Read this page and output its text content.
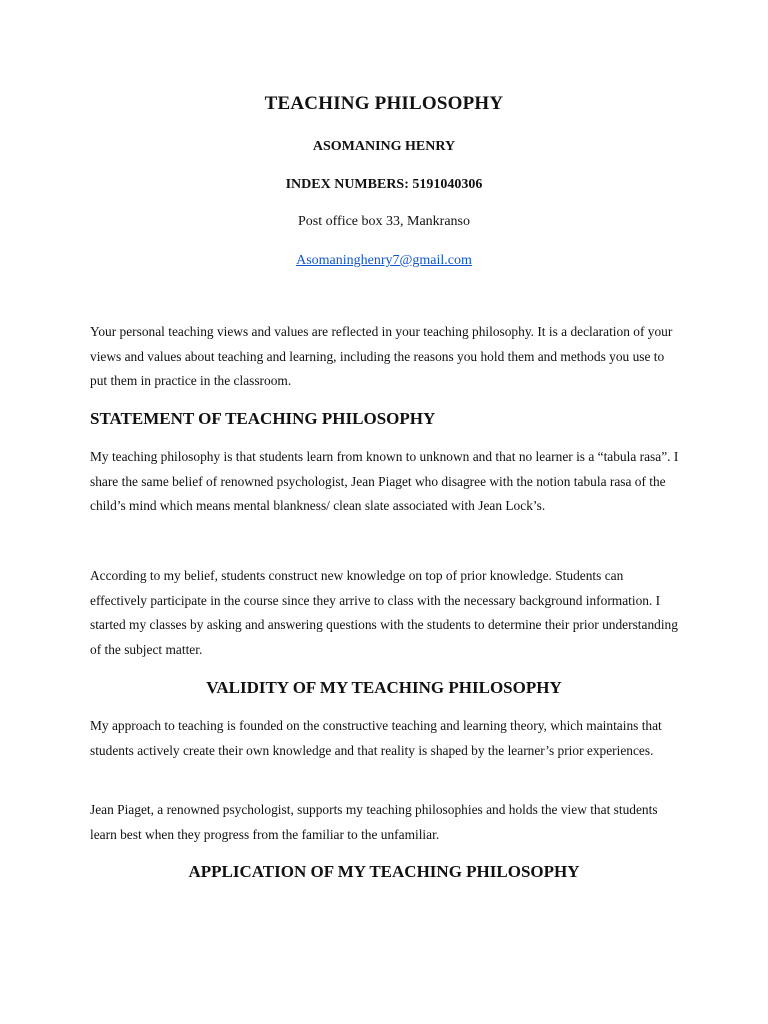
TEACHING PHILOSOPHY
ASOMANING HENRY
INDEX NUMBERS: 5191040306
Post office box 33, Mankranso
Asomaninghenry7@gmail.com

Your personal teaching views and values are reflected in your teaching philosophy. It is a declaration of your views and values about teaching and learning, including the reasons you hold them and methods you use to put them in practice in the classroom.

STATEMENT OF TEACHING PHILOSOPHY

My teaching philosophy is that students learn from known to unknown and that no learner is a “tabula rasa”. I share the same belief of renowned psychologist, Jean Piaget who disagree with the notion tabula rasa of the child’s mind which means mental blankness/ clean slate associated with Jean Lock’s.

According to my belief, students construct new knowledge on top of prior knowledge. Students can effectively participate in the course since they arrive to class with the necessary background information. I started my classes by asking and answering questions with the students to determine their prior understanding of the subject matter.

VALIDITY OF MY TEACHING PHILOSOPHY

My approach to teaching is founded on the constructive teaching and learning theory, which maintains that students actively create their own knowledge and that reality is shaped by the learner’s prior experiences.

Jean Piaget, a renowned psychologist, supports my teaching philosophies and holds the view that students learn best when they progress from the familiar to the unfamiliar.

APPLICATION OF MY TEACHING PHILOSOPHY
